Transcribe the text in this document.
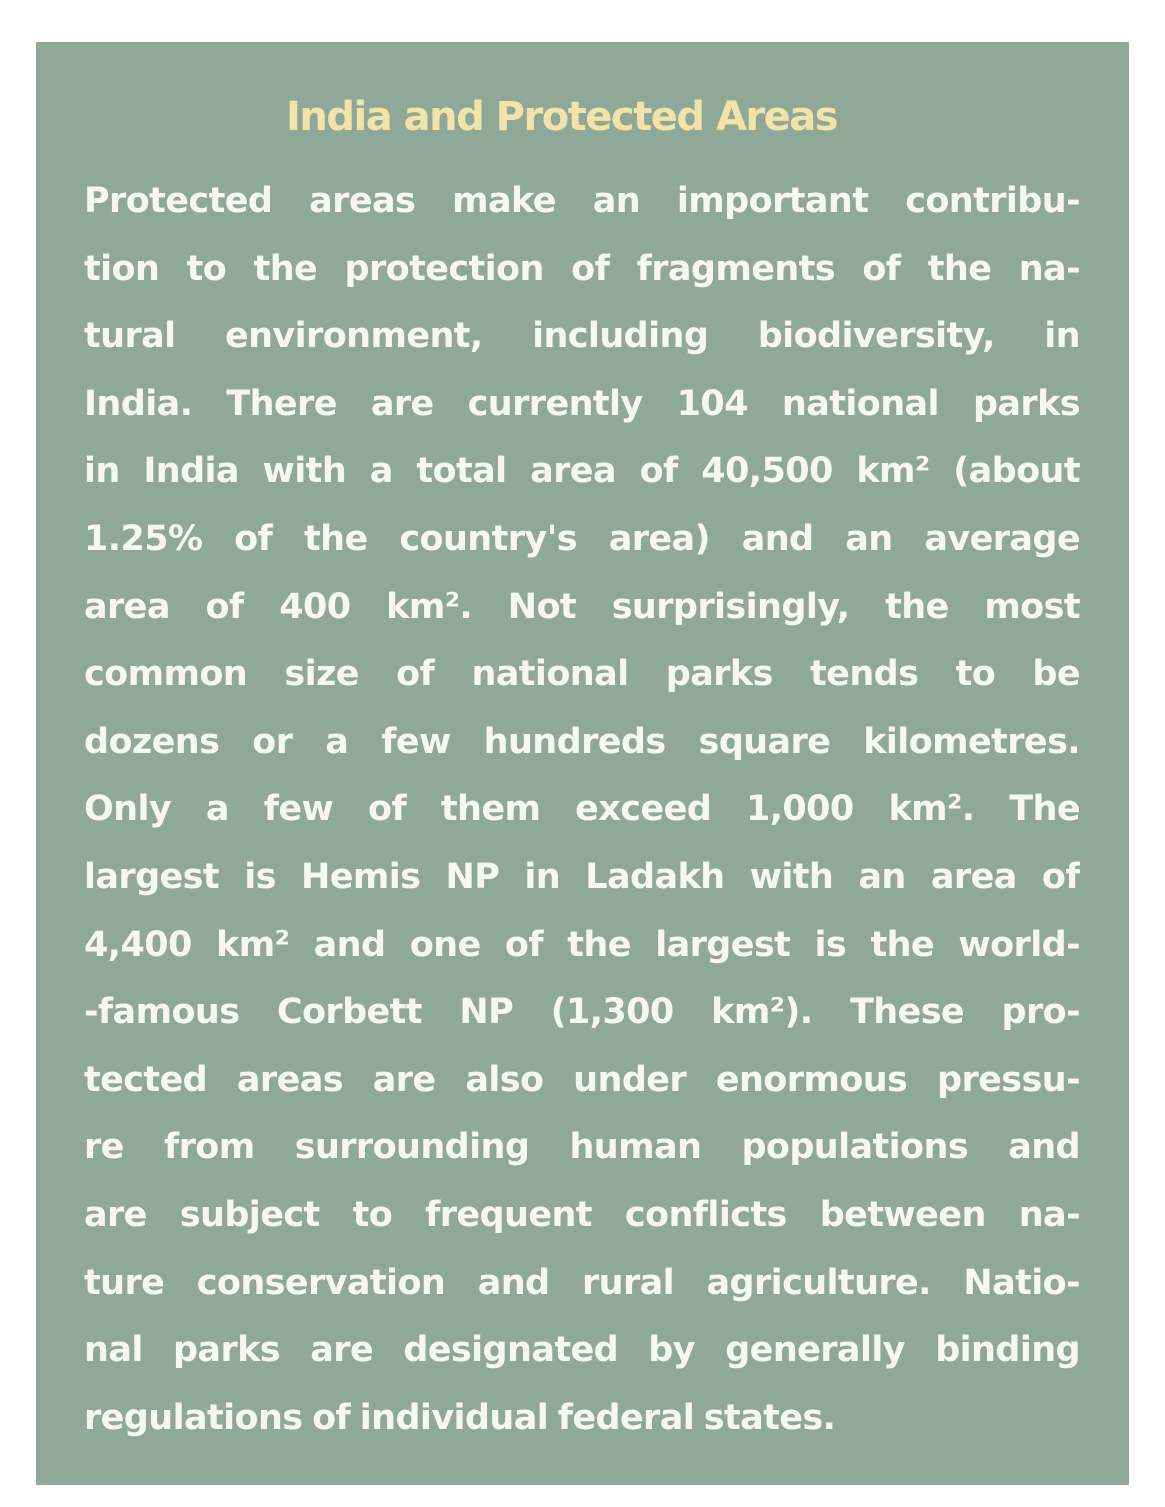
India and Protected Areas
Protected areas make an important contribu-
tion to the protection of fragments of the na-
tural environment, including biodiversity, in
India. There are currently 104 national parks
in India with a total area of 40,500 km² (about
1.25% of the country's area) and an average
area of 400 km². Not surprisingly, the most
common size of national parks tends to be
dozens or a few hundreds square kilometres.
Only a few of them exceed 1,000 km². The
largest is Hemis NP in Ladakh with an area of
4,400 km² and one of the largest is the world-
-famous Corbett NP (1,300 km²). These pro-
tected areas are also under enormous pressu-
re from surrounding human populations and
are subject to frequent conflicts between na-
ture conservation and rural agriculture. Natio-
nal parks are designated by generally binding
regulations of individual federal states.
